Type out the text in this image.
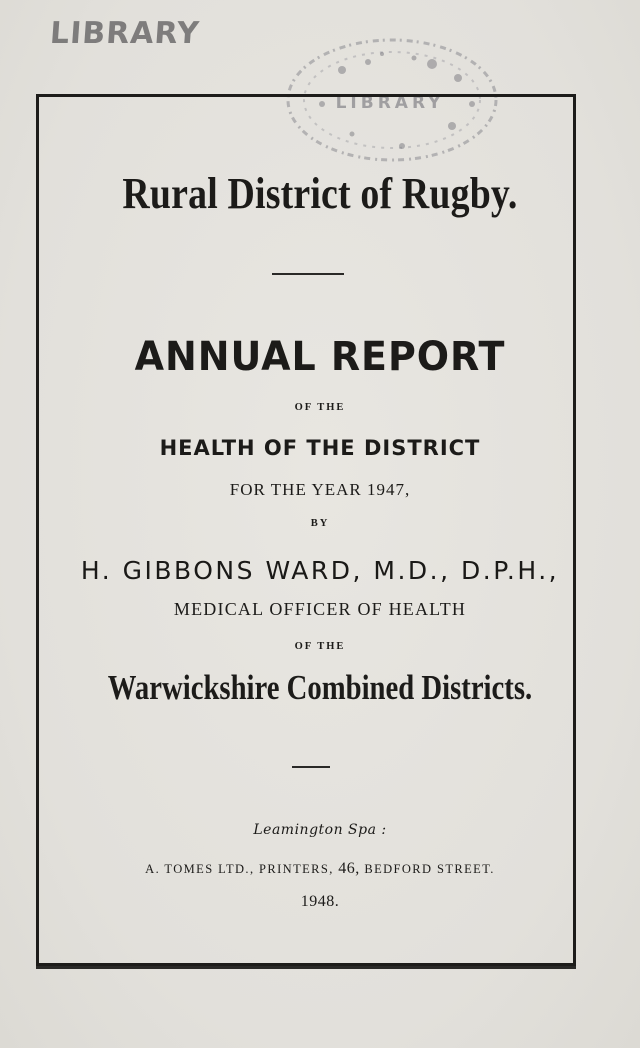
LIBRARY
LIBRARY
Rural District of Rugby.
ANNUAL REPORT
OF THE
HEALTH OF THE DISTRICT
FOR THE YEAR 1947,
BY
H. GIBBONS WARD, M.D., D.P.H.,
MEDICAL OFFICER OF HEALTH
OF THE
Warwickshire Combined Districts.
Leamington Spa :
A. TOMES LTD., PRINTERS, 46, BEDFORD STREET.
1948.
